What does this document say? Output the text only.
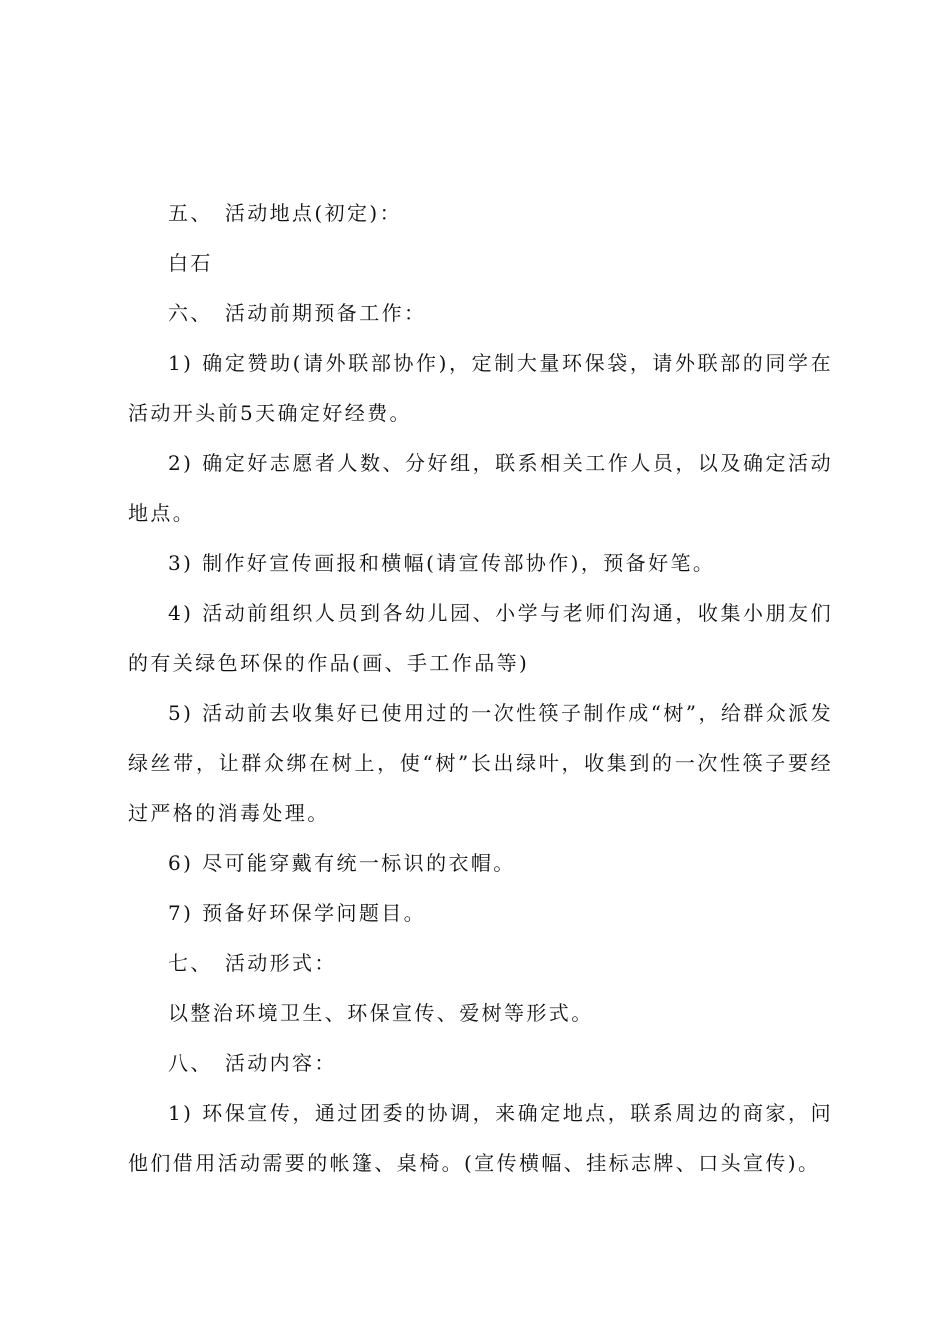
五、 活动地点(初定)：

白石

六、 活动前期预备工作：

1) 确定赞助(请外联部协作)，定制大量环保袋，请外联部的同学在活动开头前5天确定好经费。

2) 确定好志愿者人数、分好组，联系相关工作人员，以及确定活动地点。

3) 制作好宣传画报和横幅(请宣传部协作)，预备好笔。

4) 活动前组织人员到各幼儿园、小学与老师们沟通，收集小朋友们的有关绿色环保的作品(画、手工作品等)

5) 活动前去收集好已使用过的一次性筷子制作成“树”，给群众派发绿丝带，让群众绑在树上，使“树”长出绿叶，收集到的一次性筷子要经过严格的消毒处理。

6) 尽可能穿戴有统一标识的衣帽。

7) 预备好环保学问题目。

七、 活动形式：

以整治环境卫生、环保宣传、爱树等形式。

八、 活动内容：

1) 环保宣传，通过团委的协调，来确定地点，联系周边的商家，问他们借用活动需要的帐篷、桌椅。(宣传横幅、挂标志牌、口头宣传)。
